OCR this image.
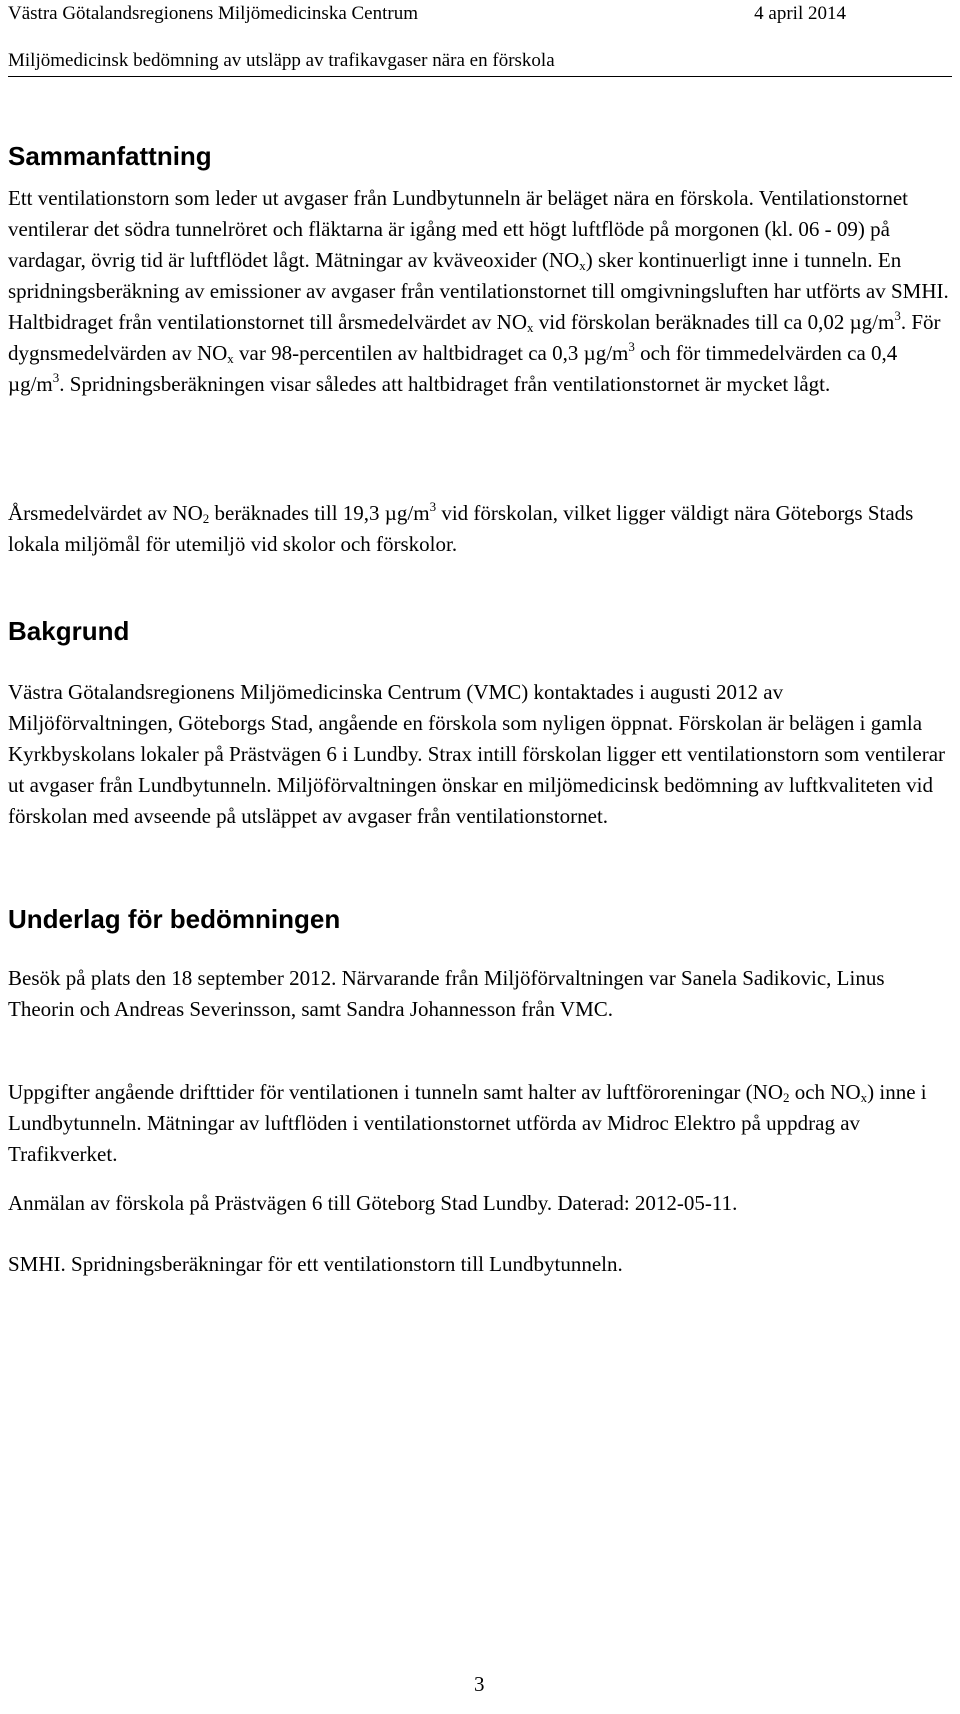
Västra Götalandsregionens Miljömedicinska Centrum	4 april 2014
Miljömedicinsk bedömning av utsläpp av trafikavgaser nära en förskola
Sammanfattning

Ett ventilationstorn som leder ut avgaser från Lundbytunneln är beläget nära en förskola. Ventilationstornet ventilerar det södra tunnelröret och fläktarna är igång med ett högt luftflöde på morgonen (kl. 06 - 09) på vardagar, övrig tid är luftflödet lågt. Mätningar av kväveoxider $(NO_x)$ sker kontinuerligt inne i tunneln. En spridningsberäkning av emissioner av avgaser från ventilationstornet till omgivningsluften har utförts av SMHI. Haltbidraget från ventilationstornet till årsmedelvärdet av $NO_x$ vid förskolan beräknades till ca 0,02 $\mu g/m^3$. För dygnsmedelvärden av $NO_x$ var 98-percentilen av haltbidraget ca 0,3 $\mu g/m^3$ och för timmedelvärden ca 0,4 $\mu g/m^3$. Spridningsberäkningen visar således att haltbidraget från ventilationstornet är mycket lågt.

Årsmedelvärdet av $NO_2$ beräknades till 19,3 $\mu g/m^3$ vid förskolan, vilket ligger väldigt nära Göteborgs Stads lokala miljömål för utemiljö vid skolor och förskolor.

Bakgrund

Västra Götalandsregionens Miljömedicinska Centrum (VMC) kontaktades i augusti 2012 av Miljöförvaltningen, Göteborgs Stad, angående en förskola som nyligen öppnat. Förskolan är belägen i gamla Kyrkbyskolans lokaler på Prästvägen 6 i Lundby. Strax intill förskolan ligger ett ventilationstorn som ventilerar ut avgaser från Lundbytunneln. Miljöförvaltningen önskar en miljömedicinsk bedömning av luftkvaliteten vid förskolan med avseende på utsläppet av avgaser från ventilationstornet.

Underlag för bedömningen

Besök på plats den 18 september 2012. Närvarande från Miljöförvaltningen var Sanela Sadikovic, Linus Theorin och Andreas Severinsson, samt Sandra Johannesson från VMC.

Uppgifter angående drifttider för ventilationen i tunneln samt halter av luftföroreningar ($NO_2$ och $NO_x$) inne i Lundbytunneln. Mätningar av luftflöden i ventilationstornet utförda av Midroc Elektro på uppdrag av Trafikverket.

Anmälan av förskola på Prästvägen 6 till Göteborg Stad Lundby. Daterad: 2012-05-11.

SMHI. Spridningsberäkningar för ett ventilationstorn till Lundbytunneln.

3
